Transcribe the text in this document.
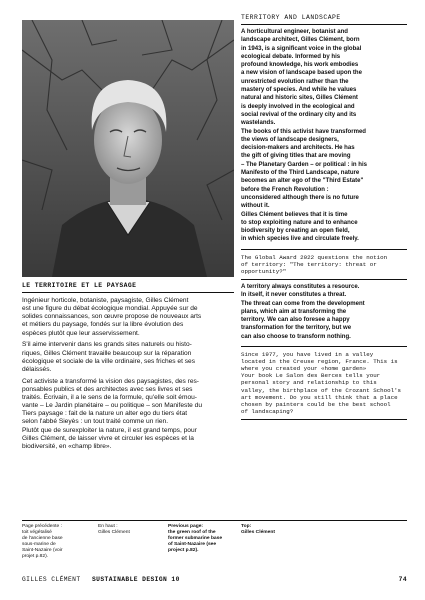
TERRITORY AND LANDSCAPE
A horticultural engineer, botanist and
landscape architect, Gilles Clément, born
in 1943, is a significant voice in the global
ecological debate. Informed by his
profound knowledge, his work embodies
a new vision of landscape based upon the
unrestricted evolution rather than the
mastery of species. And while he values
natural and historic sites, Gilles Clément
is deeply involved in the ecological and
social revival of the ordinary city and its
wastelands.
The books of this activist have transformed
the views of landscape designers,
decision-makers and architects. He has
the gift of giving titles that are moving
– The Planetary Garden – or political : in his
Manifesto of the Third Landscape, nature
becomes an alter ego of the "Third Estate"
before the French Revolution :
unconsidered although there is no future
without it.
Gilles Clément believes that it is time
to stop exploiting nature and to enhance
biodiversity by creating an open field,
in which species live and circulate freely.
The Global Award 2022 questions the notion
of territory: "The territory: threat or
opportunity?"
A territory always constitutes a resource.
In itself, it never constitutes a threat.
The threat can come from the development
plans, which aim at transforming the
territory. We can also foresee a happy
transformation for the territory, but we
can also choose to transform nothing.
Since 1977, you have lived in a valley
located in the Creuse region, France. This is
where you created your «home garden»
Your book Le Salon des Berces tells your
personal story and relationship to this
valley, the birthplace of the Crozant School's
art movement. Do you still think that a place
chosen by painters could be the best school
of landscaping?
LE TERRITOIRE ET LE PAYSAGE

Ingénieur horticole, botaniste, paysagiste, Gilles Clément
est une figure du débat écologique mondial. Appuyée sur de
solides connaissances, son œuvre propose de nouveaux arts
et métiers du paysage, fondés sur la libre évolution des
espèces plutôt que leur asservissement.

S'il aime intervenir dans les grands sites naturels ou histo-
riques, Gilles Clément travaille beaucoup sur la réparation
écologique et sociale de la ville ordinaire, ses friches et ses
délaissés.

Cet activiste a transformé la vision des paysagistes, des res-
ponsables publics et des architectes avec ses livres et ses
traités. Écrivain, il a le sens de la formule, qu'elle soit émou-
vante – Le Jardin planétaire – ou politique – son Manifeste du
Tiers paysage : fait de la nature un alter ego du tiers état
selon l'abbé Sieyès : un tout traité comme un rien.
Plutôt que de surexploiter la nature, il est grand temps, pour
Gilles Clément, de laisser vivre et circuler les espèces et la
biodiversité, en «champ libre».

Page précédente :
toit végétalisé
de l'ancienne base
sous-marine de
Saint-Nazaire (voir
projet p.82).
En haut :
Gilles Clément
Previous page:
the green roof of the
former submarine base
of Saint-Nazaire (see
project p.82).
Top:
Gilles Clément
GILLES CLÉMENT SUSTAINABLE DESIGN 10	74
